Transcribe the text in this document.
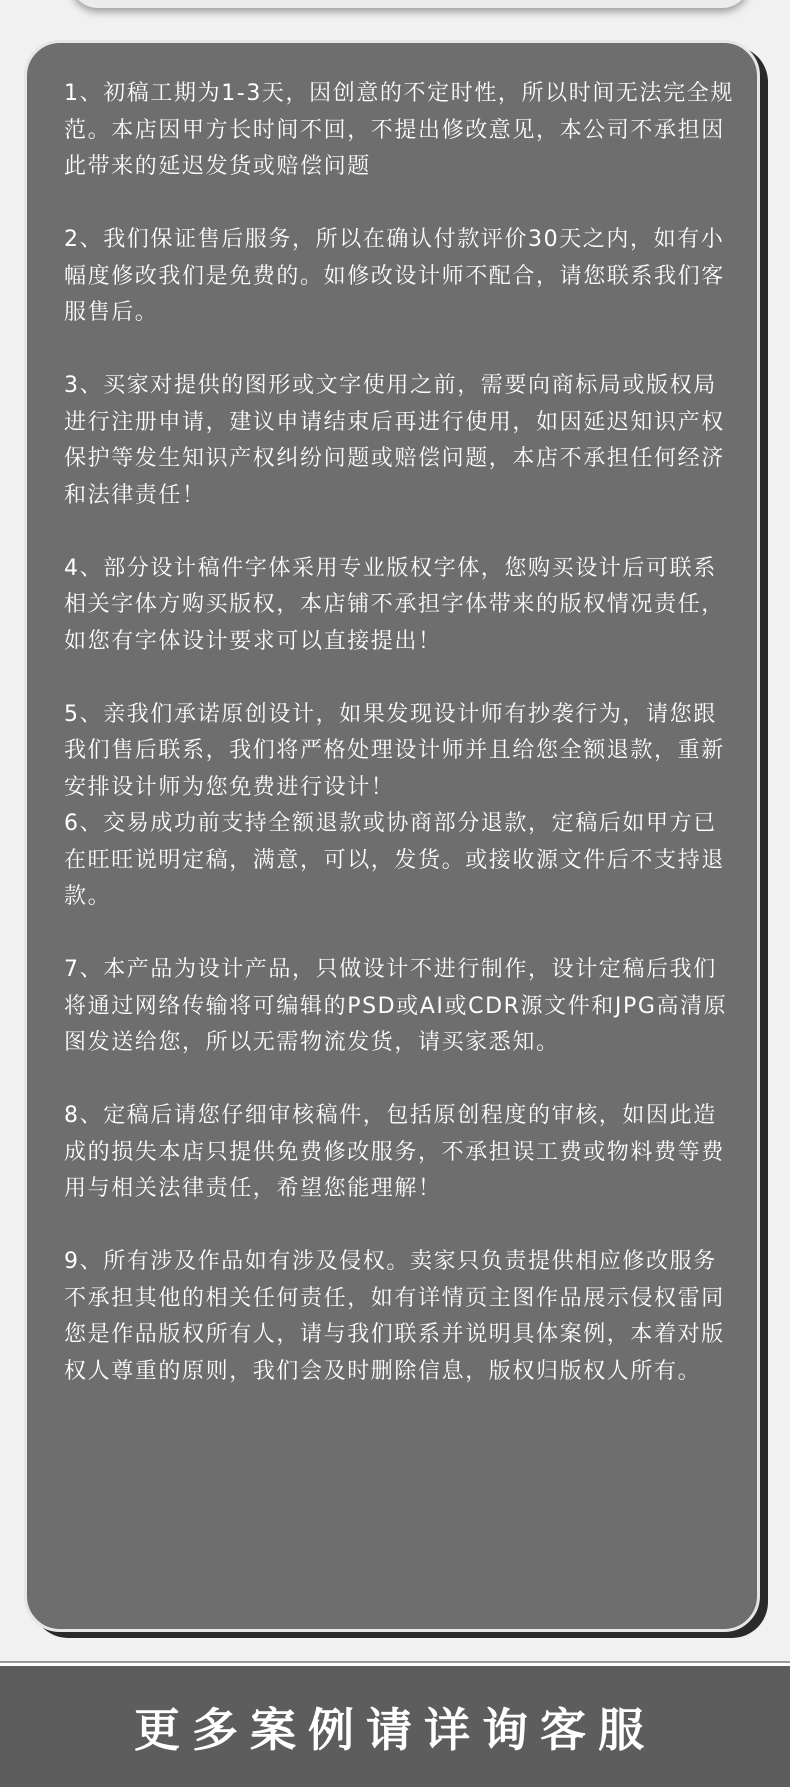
1、初稿工期为1-3天，因创意的不定时性，所以时间无法完全规范。本店因甲方长时间不回，不提出修改意见，本公司不承担因此带来的延迟发货或赔偿问题

2、我们保证售后服务，所以在确认付款评价30天之内，如有小幅度修改我们是免费的。如修改设计师不配合，请您联系我们客服售后。

3、买家对提供的图形或文字使用之前，需要向商标局或版权局进行注册申请，建议申请结束后再进行使用，如因延迟知识产权保护等发生知识产权纠纷问题或赔偿问题，本店不承担任何经济和法律责任！

4、部分设计稿件字体采用专业版权字体，您购买设计后可联系相关字体方购买版权，本店铺不承担字体带来的版权情况责任，如您有字体设计要求可以直接提出！

5、亲我们承诺原创设计，如果发现设计师有抄袭行为，请您跟我们售后联系，我们将严格处理设计师并且给您全额退款，重新安排设计师为您免费进行设计！

6、交易成功前支持全额退款或协商部分退款，定稿后如甲方已在旺旺说明定稿，满意，可以，发货。或接收源文件后不支持退款。

7、本产品为设计产品，只做设计不进行制作，设计定稿后我们将通过网络传输将可编辑的PSD或AI或CDR源文件和JPG高清原图发送给您，所以无需物流发货，请买家悉知。

8、定稿后请您仔细审核稿件，包括原创程度的审核，如因此造成的损失本店只提供免费修改服务，不承担误工费或物料费等费用与相关法律责任，希望您能理解！

9、所有涉及作品如有涉及侵权。卖家只负责提供相应修改服务不承担其他的相关任何责任，如有详情页主图作品展示侵权雷同您是作品版权所有人，请与我们联系并说明具体案例，本着对版权人尊重的原则，我们会及时删除信息，版权归版权人所有。

更多案例请详询客服
